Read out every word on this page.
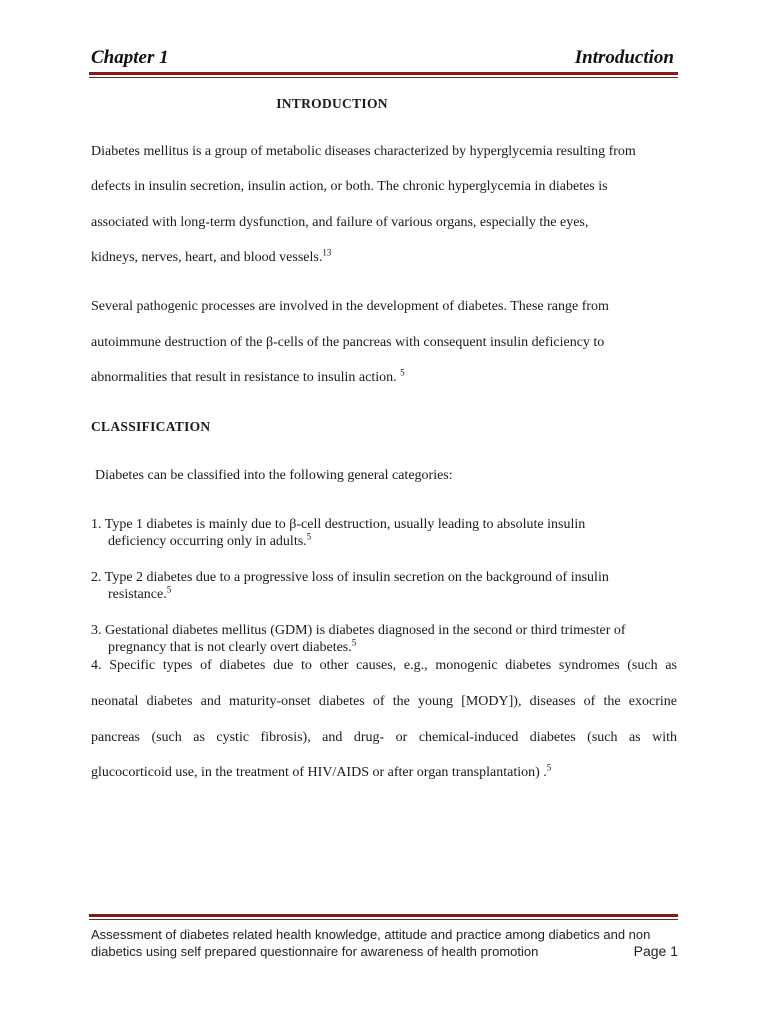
Chapter 1	Introduction
INTRODUCTION
Diabetes mellitus is a group of metabolic diseases characterized by hyperglycemia resulting from
defects in insulin secretion, insulin action, or both. The chronic hyperglycemia in diabetes is
associated with long-term dysfunction, and failure of various organs, especially the eyes,
kidneys, nerves, heart, and blood vessels.$^{13}$
Several pathogenic processes are involved in the development of diabetes. These range from
autoimmune destruction of the β-cells of the pancreas with consequent insulin deficiency to
abnormalities that result in resistance to insulin action. $^5$
CLASSIFICATION
Diabetes can be classified into the following general categories:
1. Type 1 diabetes is mainly due to β-cell destruction, usually leading to absolute insulin
deficiency occurring only in adults.$^5$
2. Type 2 diabetes due to a progressive loss of insulin secretion on the background of insulin
resistance.$^5$
3. Gestational diabetes mellitus (GDM) is diabetes diagnosed in the second or third trimester of
pregnancy that is not clearly overt diabetes.$^5$
4. Specific types of diabetes due to other causes, e.g., monogenic diabetes syndromes (such as
neonatal diabetes and maturity-onset diabetes of the young [MODY]), diseases of the exocrine
pancreas (such as cystic fibrosis), and drug- or chemical-induced diabetes (such as with
glucocorticoid use, in the treatment of HIV/AIDS or after organ transplantation) .$^5$
Assessment of diabetes related health knowledge, attitude and practice among diabetics and non
diabetics using self prepared questionnaire for awareness of health promotion	Page 1
